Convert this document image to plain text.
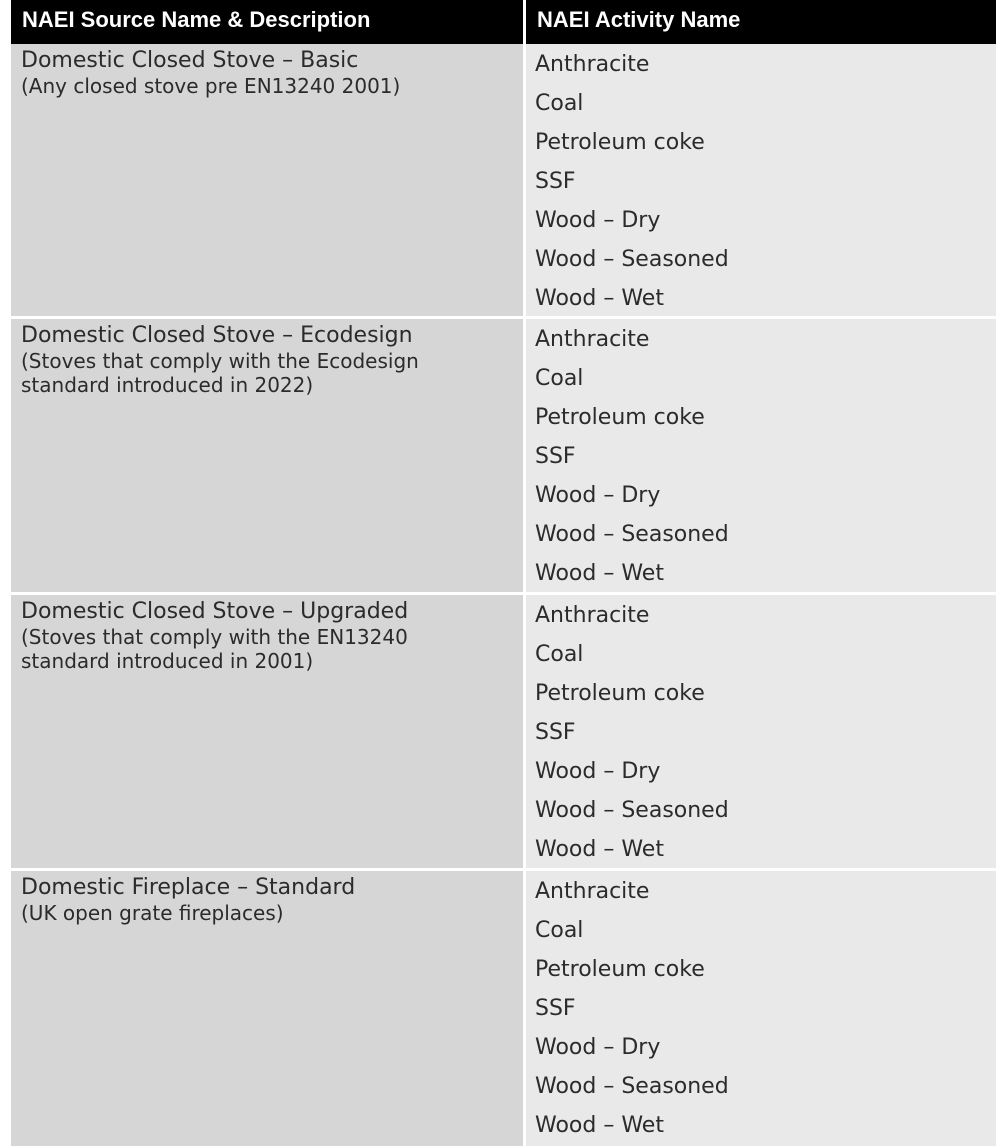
NAEI Source Name & Description	NAEI Activity Name
Domestic Closed Stove – Basic
(Any closed stove pre EN13240 2001)
Anthracite
Coal
Petroleum coke
SSF
Wood – Dry
Wood – Seasoned
Wood – Wet
Domestic Closed Stove – Ecodesign
(Stoves that comply with the Ecodesign
standard introduced in 2022)
Anthracite
Coal
Petroleum coke
SSF
Wood – Dry
Wood – Seasoned
Wood – Wet
Domestic Closed Stove – Upgraded
(Stoves that comply with the EN13240
standard introduced in 2001)
Anthracite
Coal
Petroleum coke
SSF
Wood – Dry
Wood – Seasoned
Wood – Wet
Domestic Fireplace – Standard
(UK open grate fireplaces)
Anthracite
Coal
Petroleum coke
SSF
Wood – Dry
Wood – Seasoned
Wood – Wet
